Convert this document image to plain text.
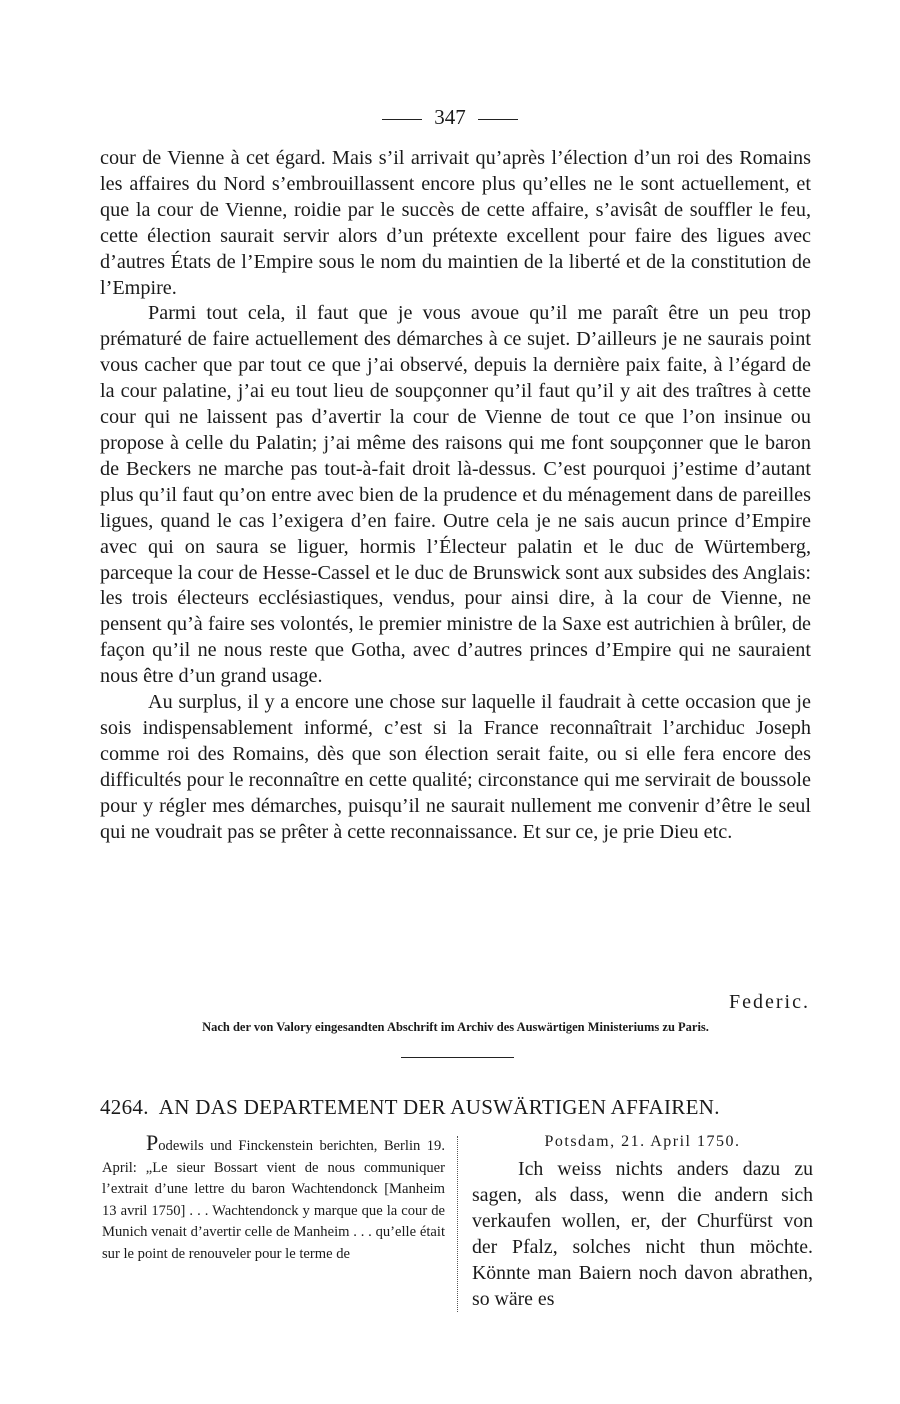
347

cour de Vienne à cet égard. Mais s’il arrivait qu’après l’élection d’un roi des Romains les affaires du Nord s’embrouillassent encore plus qu’elles ne le sont actuellement, et que la cour de Vienne, roidie par le succès de cette affaire, s’avisât de souffler le feu, cette élection saurait servir alors d’un prétexte excellent pour faire des ligues avec d’autres États de l’Empire sous le nom du maintien de la liberté et de la constitution de l’Empire.

Parmi tout cela, il faut que je vous avoue qu’il me paraît être un peu trop prématuré de faire actuellement des démarches à ce sujet. D’ailleurs je ne saurais point vous cacher que par tout ce que j’ai observé, depuis la dernière paix faite, à l’égard de la cour palatine, j’ai eu tout lieu de soupçonner qu’il faut qu’il y ait des traîtres à cette cour qui ne laissent pas d’avertir la cour de Vienne de tout ce que l’on insinue ou propose à celle du Palatin; j’ai même des raisons qui me font soupçonner que le baron de Beckers ne marche pas tout-à-fait droit là-dessus. C’est pourquoi j’estime d’autant plus qu’il faut qu’on entre avec bien de la prudence et du ménagement dans de pareilles ligues, quand le cas l’exigera d’en faire. Outre cela je ne sais aucun prince d’Empire avec qui on saura se liguer, hormis l’Électeur palatin et le duc de Würtemberg, parceque la cour de Hesse-Cassel et le duc de Brunswick sont aux subsides des Anglais: les trois électeurs ecclésiastiques, vendus, pour ainsi dire, à la cour de Vienne, ne pensent qu’à faire ses volontés, le premier ministre de la Saxe est autrichien à brûler, de façon qu’il ne nous reste que Gotha, avec d’autres princes d’Empire qui ne sauraient nous être d’un grand usage.

Au surplus, il y a encore une chose sur laquelle il faudrait à cette occasion que je sois indispensablement informé, c’est si la France reconnaîtrait l’archiduc Joseph comme roi des Romains, dès que son élection serait faite, ou si elle fera encore des difficultés pour le reconnaître en cette qualité; circonstance qui me servirait de boussole pour y régler mes démarches, puisqu’il ne saurait nullement me convenir d’être le seul qui ne voudrait pas se prêter à cette reconnaissance. Et sur ce, je prie Dieu etc.

Federic.
Nach der von Valory eingesandten Abschrift im Archiv des Auswärtigen Ministeriums zu Paris.
4264. AN DAS DEPARTEMENT DER AUSWÄRTIGEN AFFAIREN.

Podewils und Finckenstein berichten, Berlin 19. April: „Le sieur Bossart vient de nous communiquer l’extrait d’une lettre du baron Wachtendonck [Manheim 13 avril 1750] . . . Wachtendonck y marque que la cour de Munich venait d’avertir celle de Manheim . . . qu’elle était sur le point de renouveler pour le terme de

Potsdam, 21. April 1750.

Ich weiss nichts anders dazu zu sagen, als dass, wenn die andern sich verkaufen wollen, er, der Churfürst von der Pfalz, solches nicht thun möchte. Könnte man Baiern noch davon abrathen, so wäre es
